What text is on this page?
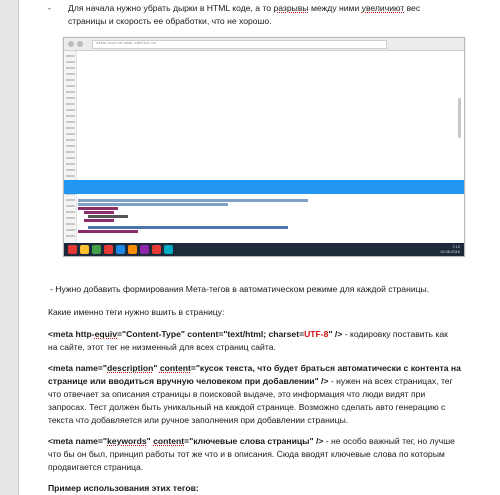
- Для начала нужно убрать дырки в HTML коде, а то разрывы между ними увеличиют вес
страницы и скорость ее обработки, что не хорошо.
view-source:www.sdelka.co
7:12
16.08.2016
- Нужно добавить формирования Мета-тегов в автоматическом режиме для каждой страницы.
Какие именно теги нужно вшить в страницу:
<meta http-equiv="Content-Type" content="text/html; charset=UTF-8" /> - кодировку поставить как
на сайте, этот тег не низменный для всех страниц сайта.
<meta name="description" content="кусок текста, что будет браться автоматически с контента на
странице или вводиться вручную человеком при добавлении" /> - нужен на всех страницах, тег
что отвечает за описания страницы в поисковой выдаче, это информация что люди видят при
запросах. Тест должен быть уникальный на каждой странице. Возможно сделать авто генерацию с
текста что добавляется или ручное заполнения при добавлении страницы.
<meta name="keywords" content="ключевые слова страницы" /> - не особо важный тег, но лучше
что бы он был, принцип работы тот же что и в описания. Сюда вводят ключевые слова по которым
продвигается страница.
Пример использования этих тегов:
